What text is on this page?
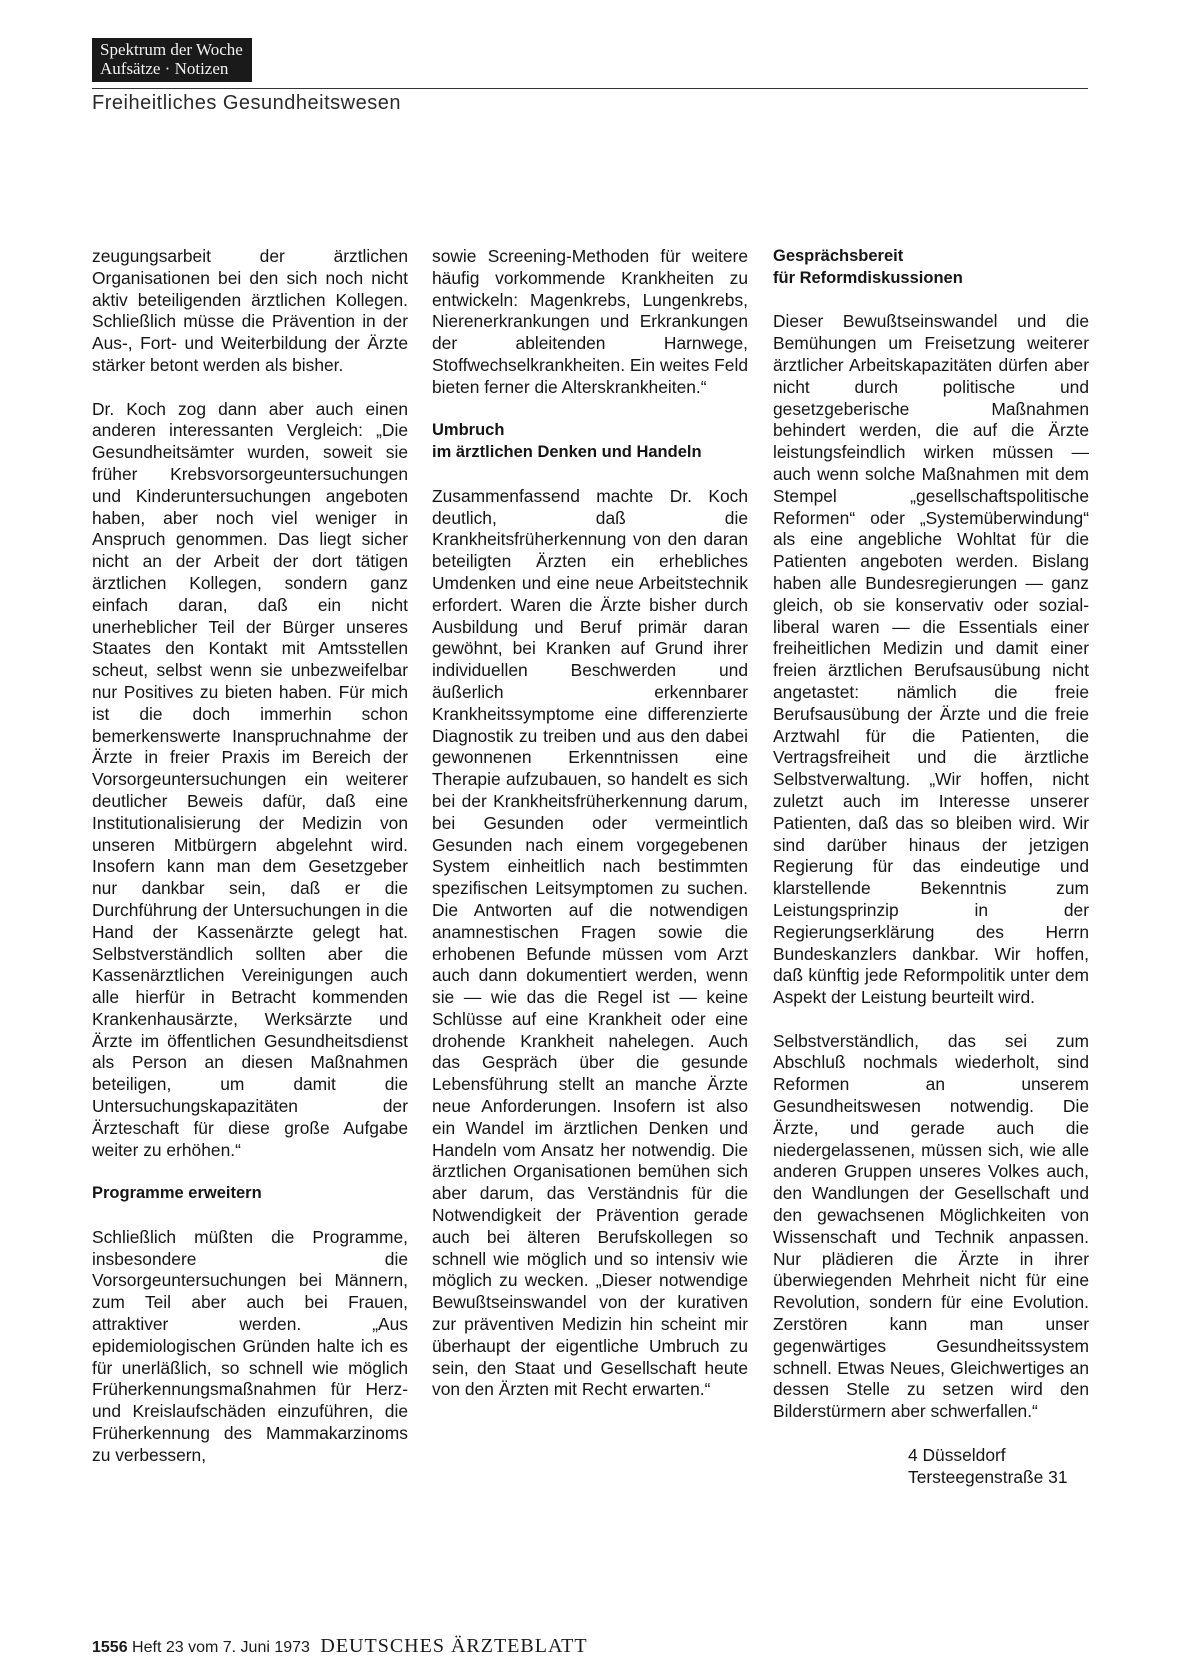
Spektrum der Woche
Aufsätze · Notizen
Freiheitliches Gesundheitswesen

zeugungsarbeit der ärztlichen Organisationen bei den sich noch nicht aktiv beteiligenden ärztlichen Kollegen. Schließlich müsse die Prävention in der Aus-, Fort- und Weiterbildung der Ärzte stärker betont werden als bisher.

Dr. Koch zog dann aber auch einen anderen interessanten Vergleich: „Die Gesundheitsämter wurden, soweit sie früher Krebsvorsorgeuntersuchungen und Kinderuntersuchungen angeboten haben, aber noch viel weniger in Anspruch genommen. Das liegt sicher nicht an der Arbeit der dort tätigen ärztlichen Kollegen, sondern ganz einfach daran, daß ein nicht unerheblicher Teil der Bürger unseres Staates den Kontakt mit Amtsstellen scheut, selbst wenn sie unbezweifelbar nur Positives zu bieten haben. Für mich ist die doch immerhin schon bemerkenswerte Inanspruchnahme der Ärzte in freier Praxis im Bereich der Vorsorgeuntersuchungen ein weiterer deutlicher Beweis dafür, daß eine Institutionalisierung der Medizin von unseren Mitbürgern abgelehnt wird. Insofern kann man dem Gesetzgeber nur dankbar sein, daß er die Durchführung der Untersuchungen in die Hand der Kassenärzte gelegt hat. Selbstverständlich sollten aber die Kassenärztlichen Vereinigungen auch alle hierfür in Betracht kommenden Krankenhausärzte, Werksärzte und Ärzte im öffentlichen Gesundheitsdienst als Person an diesen Maßnahmen beteiligen, um damit die Untersuchungskapazitäten der Ärzteschaft für diese große Aufgabe weiter zu erhöhen.“

Programme erweitern

Schließlich müßten die Programme, insbesondere die Vorsorgeuntersuchungen bei Männern, zum Teil aber auch bei Frauen, attraktiver werden. „Aus epidemiologischen Gründen halte ich es für unerläßlich, so schnell wie möglich Früherkennungsmaßnahmen für Herz- und Kreislaufschäden einzuführen, die Früherkennung des Mammakarzinoms zu verbessern,

sowie Screening-Methoden für weitere häufig vorkommende Krankheiten zu entwickeln: Magenkrebs, Lungenkrebs, Nierenerkrankungen und Erkrankungen der ableitenden Harnwege, Stoffwechselkrankheiten. Ein weites Feld bieten ferner die Alterskrankheiten.“

Umbruch
im ärztlichen Denken und Handeln

Zusammenfassend machte Dr. Koch deutlich, daß die Krankheitsfrüherkennung von den daran beteiligten Ärzten ein erhebliches Umdenken und eine neue Arbeitstechnik erfordert. Waren die Ärzte bisher durch Ausbildung und Beruf primär daran gewöhnt, bei Kranken auf Grund ihrer individuellen Beschwerden und äußerlich erkennbarer Krankheitssymptome eine differenzierte Diagnostik zu treiben und aus den dabei gewonnenen Erkenntnissen eine Therapie aufzubauen, so handelt es sich bei der Krankheitsfrüherkennung darum, bei Gesunden oder vermeintlich Gesunden nach einem vorgegebenen System einheitlich nach bestimmten spezifischen Leitsymptomen zu suchen. Die Antworten auf die notwendigen anamnestischen Fragen sowie die erhobenen Befunde müssen vom Arzt auch dann dokumentiert werden, wenn sie — wie das die Regel ist — keine Schlüsse auf eine Krankheit oder eine drohende Krankheit nahelegen. Auch das Gespräch über die gesunde Lebensführung stellt an manche Ärzte neue Anforderungen. Insofern ist also ein Wandel im ärztlichen Denken und Handeln vom Ansatz her notwendig. Die ärztlichen Organisationen bemühen sich aber darum, das Verständnis für die Notwendigkeit der Prävention gerade auch bei älteren Berufskollegen so schnell wie möglich und so intensiv wie möglich zu wecken. „Dieser notwendige Bewußtseinswandel von der kurativen zur präventiven Medizin hin scheint mir überhaupt der eigentliche Umbruch zu sein, den Staat und Gesellschaft heute von den Ärzten mit Recht erwarten.“

Gesprächsbereit
für Reformdiskussionen

Dieser Bewußtseinswandel und die Bemühungen um Freisetzung weiterer ärztlicher Arbeitskapazitäten dürfen aber nicht durch politische und gesetzgeberische Maßnahmen behindert werden, die auf die Ärzte leistungsfeindlich wirken müssen — auch wenn solche Maßnahmen mit dem Stempel „gesellschaftspolitische Reformen“ oder „Systemüberwindung“ als eine angebliche Wohltat für die Patienten angeboten werden. Bislang haben alle Bundesregierungen — ganz gleich, ob sie konservativ oder sozial-liberal waren — die Essentials einer freiheitlichen Medizin und damit einer freien ärztlichen Berufsausübung nicht angetastet: nämlich die freie Berufsausübung der Ärzte und die freie Arztwahl für die Patienten, die Vertragsfreiheit und die ärztliche Selbstverwaltung. „Wir hoffen, nicht zuletzt auch im Interesse unserer Patienten, daß das so bleiben wird. Wir sind darüber hinaus der jetzigen Regierung für das eindeutige und klarstellende Bekenntnis zum Leistungsprinzip in der Regierungserklärung des Herrn Bundeskanzlers dankbar. Wir hoffen, daß künftig jede Reformpolitik unter dem Aspekt der Leistung beurteilt wird.

Selbstverständlich, das sei zum Abschluß nochmals wiederholt, sind Reformen an unserem Gesundheitswesen notwendig. Die Ärzte, und gerade auch die niedergelassenen, müssen sich, wie alle anderen Gruppen unseres Volkes auch, den Wandlungen der Gesellschaft und den gewachsenen Möglichkeiten von Wissenschaft und Technik anpassen. Nur plädieren die Ärzte in ihrer überwiegenden Mehrheit nicht für eine Revolution, sondern für eine Evolution. Zerstören kann man unser gegenwärtiges Gesundheitssystem schnell. Etwas Neues, Gleichwertiges an dessen Stelle zu setzen wird den Bilderstürmern aber schwerfallen.“

4 Düsseldorf
Tersteegenstraße 31
1556 Heft 23 vom 7. Juni 1973 DEUTSCHES ÄRZTEBLATT
